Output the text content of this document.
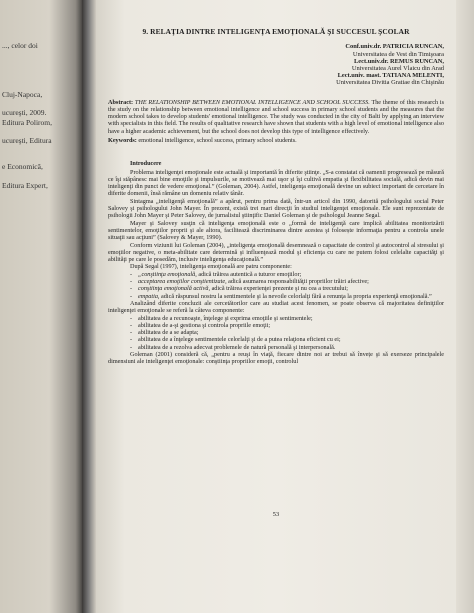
..., celor doi
Cluj-Napoca,
ucureşti, 2009.
Editura Polirom,
ucureşti, Editura
e Economică,
Editura Expert,
9. RELAŢIA DINTRE INTELIGENŢA EMOŢIONALĂ ŞI SUCCESUL ŞCOLAR
Conf.univ.dr. PATRICIA RUNCAN,
Universitatea de Vest din Timişoara
Lect.univ.dr. REMUS RUNCAN,
Universitatea Aurel Vlaicu din Arad
Lect.univ. mast. TATIANA MELENTI,
Universitatea Divitia Gratiae din Chişinău
Abstract: THE RELATIONSHIP BETWEEN EMOTIONAL INTELLIGENCE AND SCHOOL SUCCESS. The theme of this research is the study on the relationship between emotional intelligence and school success in primary school students and the measures that the modern school takes to develop students' emotional intelligence. The study was conducted in the city of Balti by applying an interview with specialists in this field. The results of qualitative research have shown that students with a high level of emotional intelligence also have a higher academic achievement, but the school does not develop this type of intelligence effectively.
Keywords: emotional intelligence, school success, primary school students.
Introducere

Problema inteligenţei emoţionale este actuală şi importantă în diferite ştiinţe. „S-a constatat că oamenii progresează pe măsură ce îşi stăpânesc mai bine emoţiile şi impulsurile, se motivează mai uşor şi îşi cultivă empatia şi flexibilitatea socială, adică devin mai inteligenţi din punct de vedere emoţional.” (Goleman, 2004). Astfel, inteligenţa emoţională devine un subiect important de cercetare în diferite domenii, însă rămâne un domeniu relativ tânăr.

Sintagma „inteligenţă emoţională” a apărut, pentru prima dată, într-un articol din 1990, datorită psihologului social Peter Salovey şi psihologului John Mayer. În prezent, există trei mari direcţii în studiul inteligenţei emoţionale. Ele sunt reprezentate de psihologii John Mayer şi Peter Salovey, de jurnalistul ştiinţific Daniel Goleman şi de psihologul Jeanne Segal.

Mayer şi Salovey susţin că inteligenţa emoţională este o „formă de inteligenţă care implică abilitatea monitorizării sentimentelor, emoţiilor proprii şi ale altora, facilitează discriminarea dintre acestea şi folosește informaţia pentru a controla unele situaţii sau acţiuni” (Salovey & Mayer, 1990).

Conform viziunii lui Goleman (2004), „inteligenţa emoţională desemnează o capacitate de control şi autocontrol al stresului şi emoţiilor negative, o meta-abilitate care determină şi influenţează modul şi eficienţa cu care ne putem folosi celelalte capacităţi şi abilităţi pe care le posedăm, inclusiv inteligenţa educaţională.”

După Segal (1997), inteligenţa emoţională are patru componente:

- „conştiinţa emoţională, adică trăirea autentică a tuturor emoţiilor;
- acceptarea emoţiilor conştientizate, adică asumarea responsabilităţii propriilor trăiri afective;
- conştiinţa emoţională activă, adică trăirea experienţei prezente şi nu cea a trecutului;
- empatia, adică răspunsul nostru la sentimentele şi la nevoile celorlalţi fără a renunţa la propria experienţă emoţională.”

Analizând diferite concluzii ale cercetătorilor care au studiat acest fenomen, se poate observa că majoritatea definiţiilor inteligenţei emoţionale se referă la câteva componente:

- abilitatea de a recunoaşte, înţelege şi exprima emoţiile şi sentimentele;
- abilitatea de a-şi gestiona şi controla propriile emoţii;
- abilitatea de a se adapta;
- abilitatea de a înţelege sentimentele celorlalţi şi de a putea relaţiona eficient cu ei;
- abilitatea de a rezolva adecvat problemele de natură personală şi interpersonală.

Goleman (2001) consideră că, „pentru a reuşi în viaţă, fiecare dintre noi ar trebui să învețe şi să exerseze principalele dimensiuni ale inteligenţei emoţionale: conştiinţa propriilor emoţii, controlul

53
